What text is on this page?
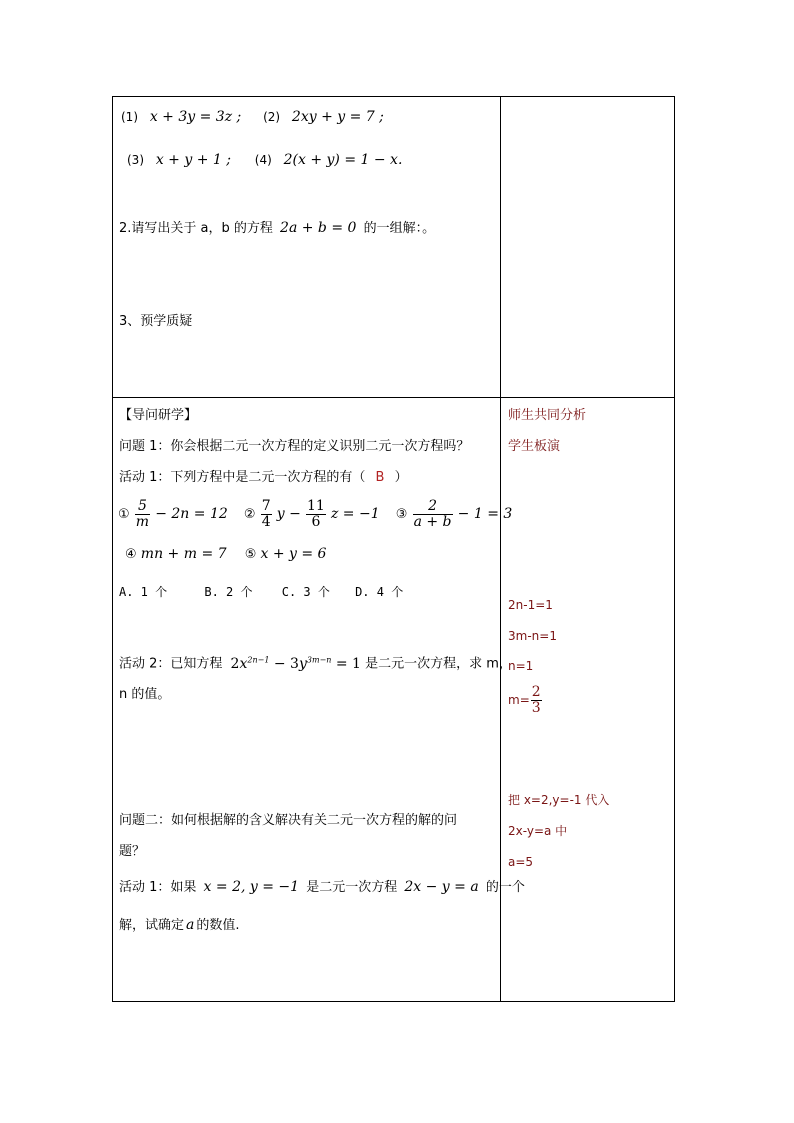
(1) x + 3y = 3z ; (2) 2xy + y = 7 ;
(3) x + y + 1 ; (4) 2(x + y) = 1 − x.
2.请写出关于 a，b 的方程 2a + b = 0 的一组解：。
3、预学质疑
【导问研学】
问题 1：你会根据二元一次方程的定义识别二元一次方程吗？
活动 1：下列方程中是二元一次方程的有（ B ）
① $\frac{5}{m} - 2n = 12$ ② $\frac{7}{4}$ $y - \frac{11}{6}$ z = −1 ③ $\frac{2}{a + b} - 1 = 3$
④ mn + m = 7 ⑤ x + y = 6
A. 1 个	B. 2 个 C. 3 个 D. 4 个
活动 2：已知方程 $2x^{2n-1} - 3y^{3m-n} = 1$ 是二元一次方程，求 m，
n 的值。
问题二：如何根据解的含义解决有关二元一次方程的解的问
题？
活动 1：如果 x = 2, y = −1 是二元一次方程 2x − y = a 的一个
解，试确定 a 的数值.
师生共同分析
学生板演
2n-1=1
3m-n=1
n=1
$m= \frac{2}{3}$
把 x=2,y=-1 代入
2x-y=a 中
a=5
